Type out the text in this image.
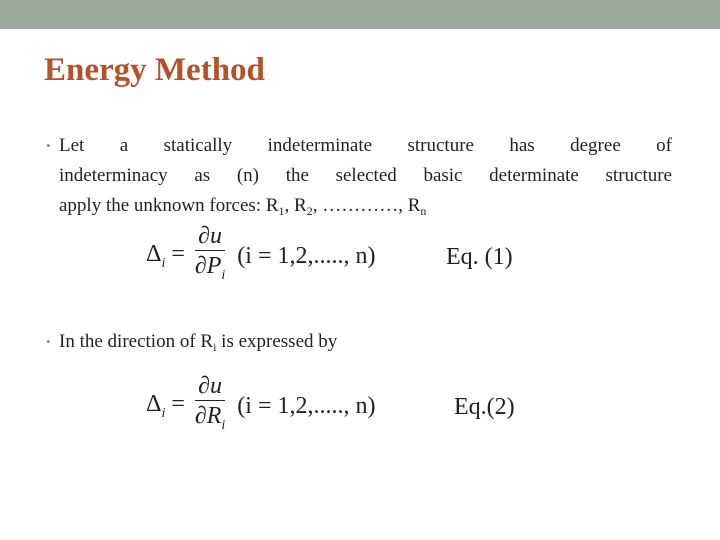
Energy Method
• Let a statically indeterminate structure has degree of
indeterminacy as (n) the selected basic determinate structure
apply the unknown forces: $R_1$, $R_2$, …………, $R_n$
$\Delta_i = \frac{\partial u}{\partial P_i} (i = 1,2$,....., n)	Eq. (1)
• In the direction of $R_i$ is expressed by
$\Delta_i = \frac{\partial u}{\partial R_i} (i = 1,2$,....., n)	Eq.(2)
